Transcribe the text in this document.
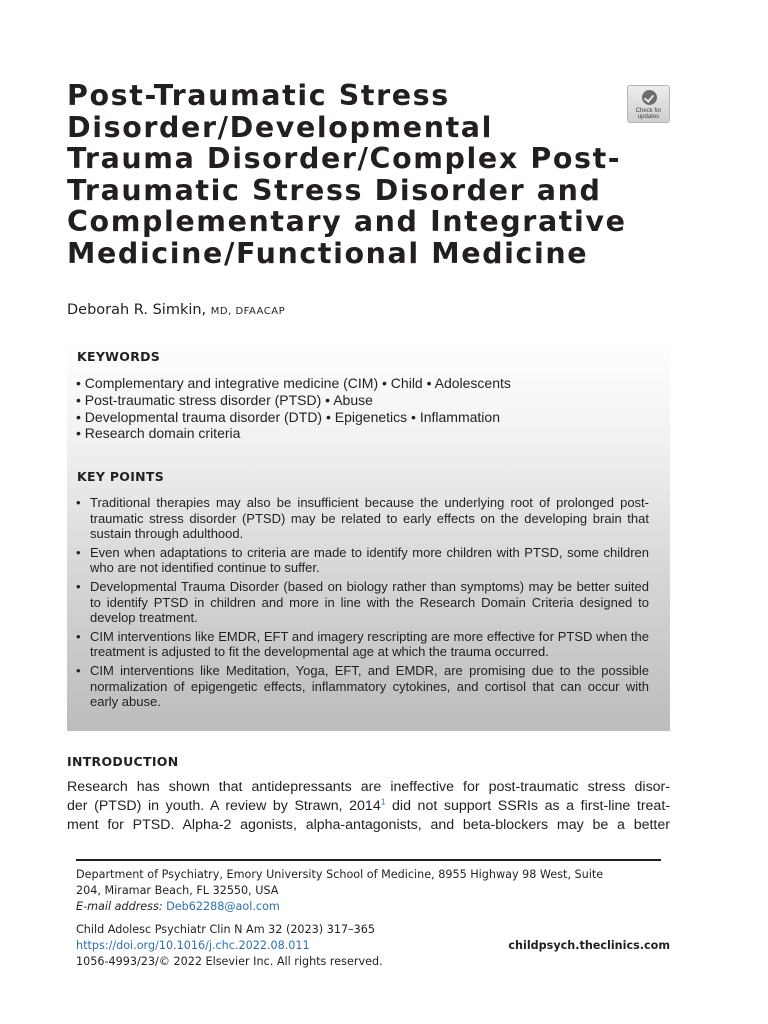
Post-Traumatic Stress
Disorder/Developmental
Trauma Disorder/Complex Post-
Traumatic Stress Disorder and
Complementary and Integrative
Medicine/Functional Medicine
Check for
updates
Deborah R. Simkin, MD, DFAACAP
KEYWORDS
• Complementary and integrative medicine (CIM) • Child • Adolescents
• Post-traumatic stress disorder (PTSD) • Abuse
• Developmental trauma disorder (DTD) • Epigenetics • Inflammation
• Research domain criteria
KEY POINTS
• Traditional therapies may also be insufficient because the underlying root of prolonged post-traumatic stress disorder (PTSD) may be related to early effects on the developing brain that sustain through adulthood.
• Even when adaptations to criteria are made to identify more children with PTSD, some children who are not identified continue to suffer.
• Developmental Trauma Disorder (based on biology rather than symptoms) may be better suited to identify PTSD in children and more in line with the Research Domain Criteria designed to develop treatment.
• CIM interventions like EMDR, EFT and imagery rescripting are more effective for PTSD when the treatment is adjusted to fit the developmental age at which the trauma occurred.
• CIM interventions like Meditation, Yoga, EFT, and EMDR, are promising due to the possible normalization of epigengetic effects, inflammatory cytokines, and cortisol that can occur with early abuse.
INTRODUCTION

Research has shown that antidepressants are ineffective for post-traumatic stress disor-
der (PTSD) in youth. A review by Strawn, 2014$^1$ did not support SSRIs as a first-line treat-
ment for PTSD. Alpha-2 agonists, alpha-antagonists, and beta-blockers may be a better

Department of Psychiatry, Emory University School of Medicine, 8955 Highway 98 West, Suite
204, Miramar Beach, FL 32550, USA
E-mail address: Deb62288@aol.com
Child Adolesc Psychiatr Clin N Am 32 (2023) 317–365
https://doi.org/10.1016/j.chc.2022.08.011
1056-4993/23/© 2022 Elsevier Inc. All rights reserved.
childpsych.theclinics.com
